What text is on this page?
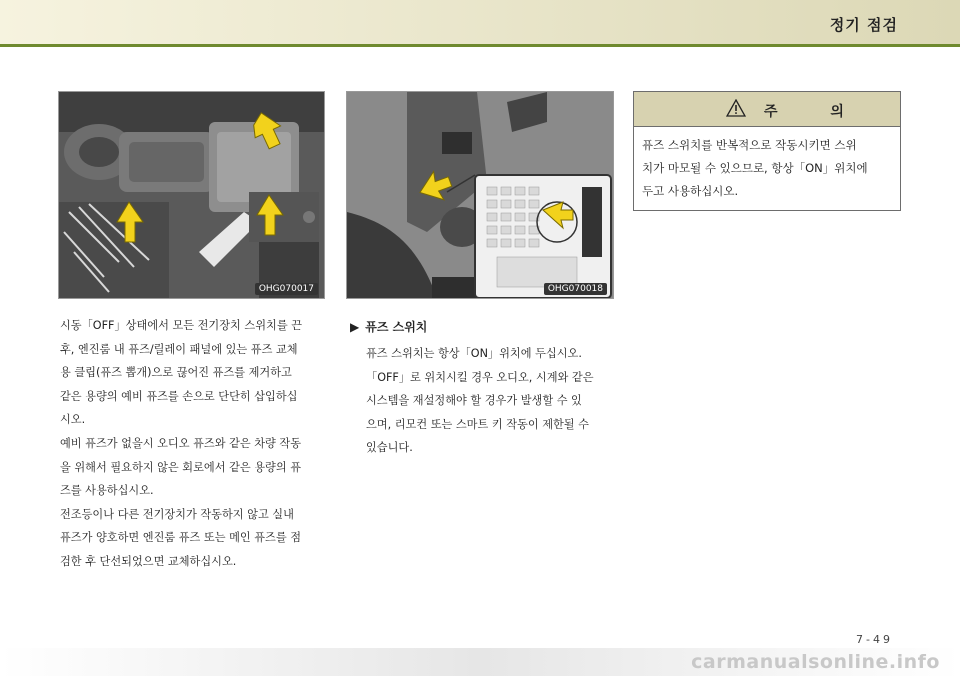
정기 점검
OHG070017	OHG070018

시동「OFF」상태에서 모든 전기장치 스위치를 끈

후, 엔진룸 내 퓨즈/릴레이 패널에 있는 퓨즈 교체

용 클립(퓨즈 뽑개)으로 끊어진 퓨즈를 제거하고

같은 용량의 예비 퓨즈를 손으로 단단히 삽입하십

시오.

예비 퓨즈가 없을시 오디오 퓨즈와 같은 차량 작동

을 위해서 필요하지 않은 회로에서 같은 용량의 퓨

즈를 사용하십시오.

전조등이나 다른 전기장치가 작동하지 않고 실내

퓨즈가 양호하면 엔진룸 퓨즈 또는 메인 퓨즈를 점

검한 후 단선되었으면 교체하십시오.

▶ 퓨즈 스위치

퓨즈 스위치는 항상「ON」위치에 두십시오.

「OFF」로 위치시킬 경우 오디오, 시계와 같은

시스템을 재설정해야 할 경우가 발생할 수 있

으며, 리모컨 또는 스마트 키 작동이 제한될 수

있습니다.

주 의
퓨즈 스위치를 반복적으로 작동시키면 스위
치가 마모될 수 있으므로, 항상「ON」위치에
두고 사용하십시오.
7-49
carmanualsonline.info
